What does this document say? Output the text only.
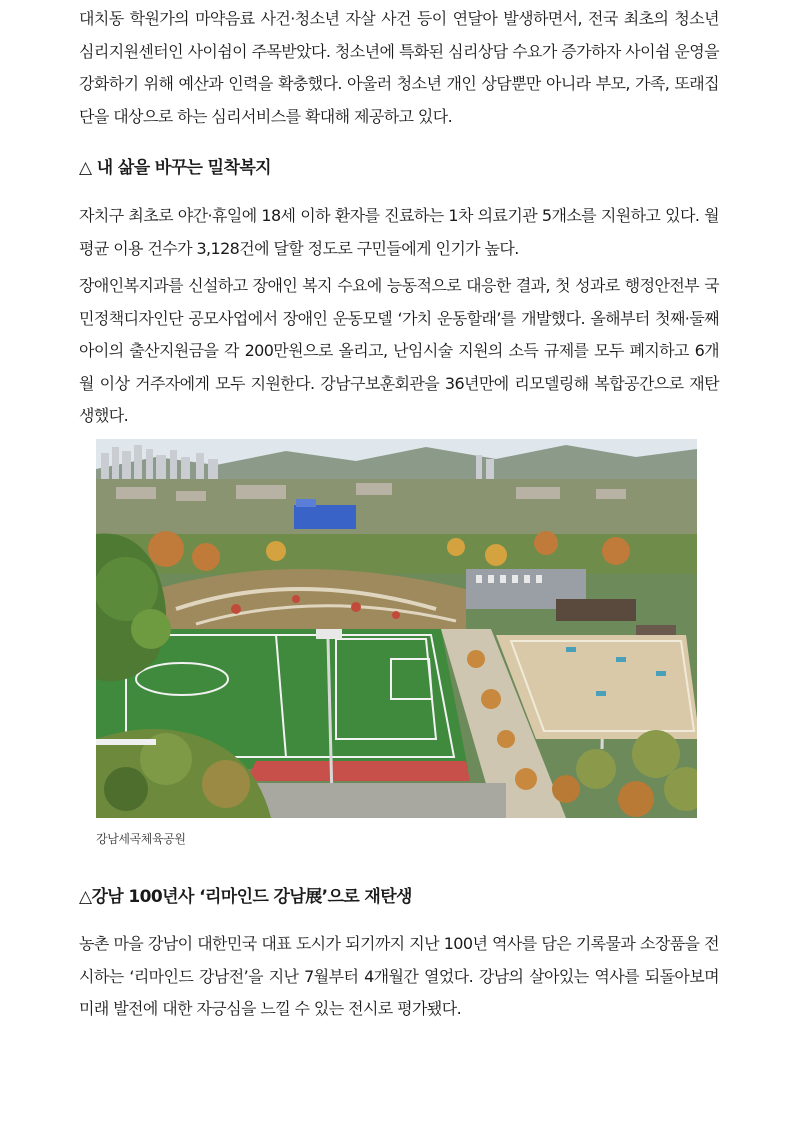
대치동 학원가의 마약음료 사건·청소년 자살 사건 등이 연달아 발생하면서, 전국 최초의 청소년 심리지원센터인 사이쉼이 주목받았다. 청소년에 특화된 심리상담 수요가 증가하자 사이쉼 운영을 강화하기 위해 예산과 인력을 확충했다. 아울러 청소년 개인 상담뿐만 아니라 부모, 가족, 또래집단을 대상으로 하는 심리서비스를 확대해 제공하고 있다.

△ 내 삶을 바꾸는 밀착복지

자치구 최초로 야간·휴일에 18세 이하 환자를 진료하는 1차 의료기관 5개소를 지원하고 있다. 월평균 이용 건수가 3,128건에 달할 정도로 구민들에게 인기가 높다.

장애인복지과를 신설하고 장애인 복지 수요에 능동적으로 대응한 결과, 첫 성과로 행정안전부 국민정책디자인단 공모사업에서 장애인 운동모델 ‘가치 운동할래’를 개발했다. 올해부터 첫째·둘째 아이의 출산지원금을 각 200만원으로 올리고, 난임시술 지원의 소득 규제를 모두 폐지하고 6개월 이상 거주자에게 모두 지원한다. 강남구보훈회관을 36년만에 리모델링해 복합공간으로 재탄생했다.

강남세곡체육공원
△강남 100년사 ‘리마인드 강남展’으로 재탄생

농촌 마을 강남이 대한민국 대표 도시가 되기까지 지난 100년 역사를 담은 기록물과 소장품을 전시하는 ‘리마인드 강남전’을 지난 7월부터 4개월간 열었다. 강남의 살아있는 역사를 되돌아보며 미래 발전에 대한 자긍심을 느낄 수 있는 전시로 평가됐다.
